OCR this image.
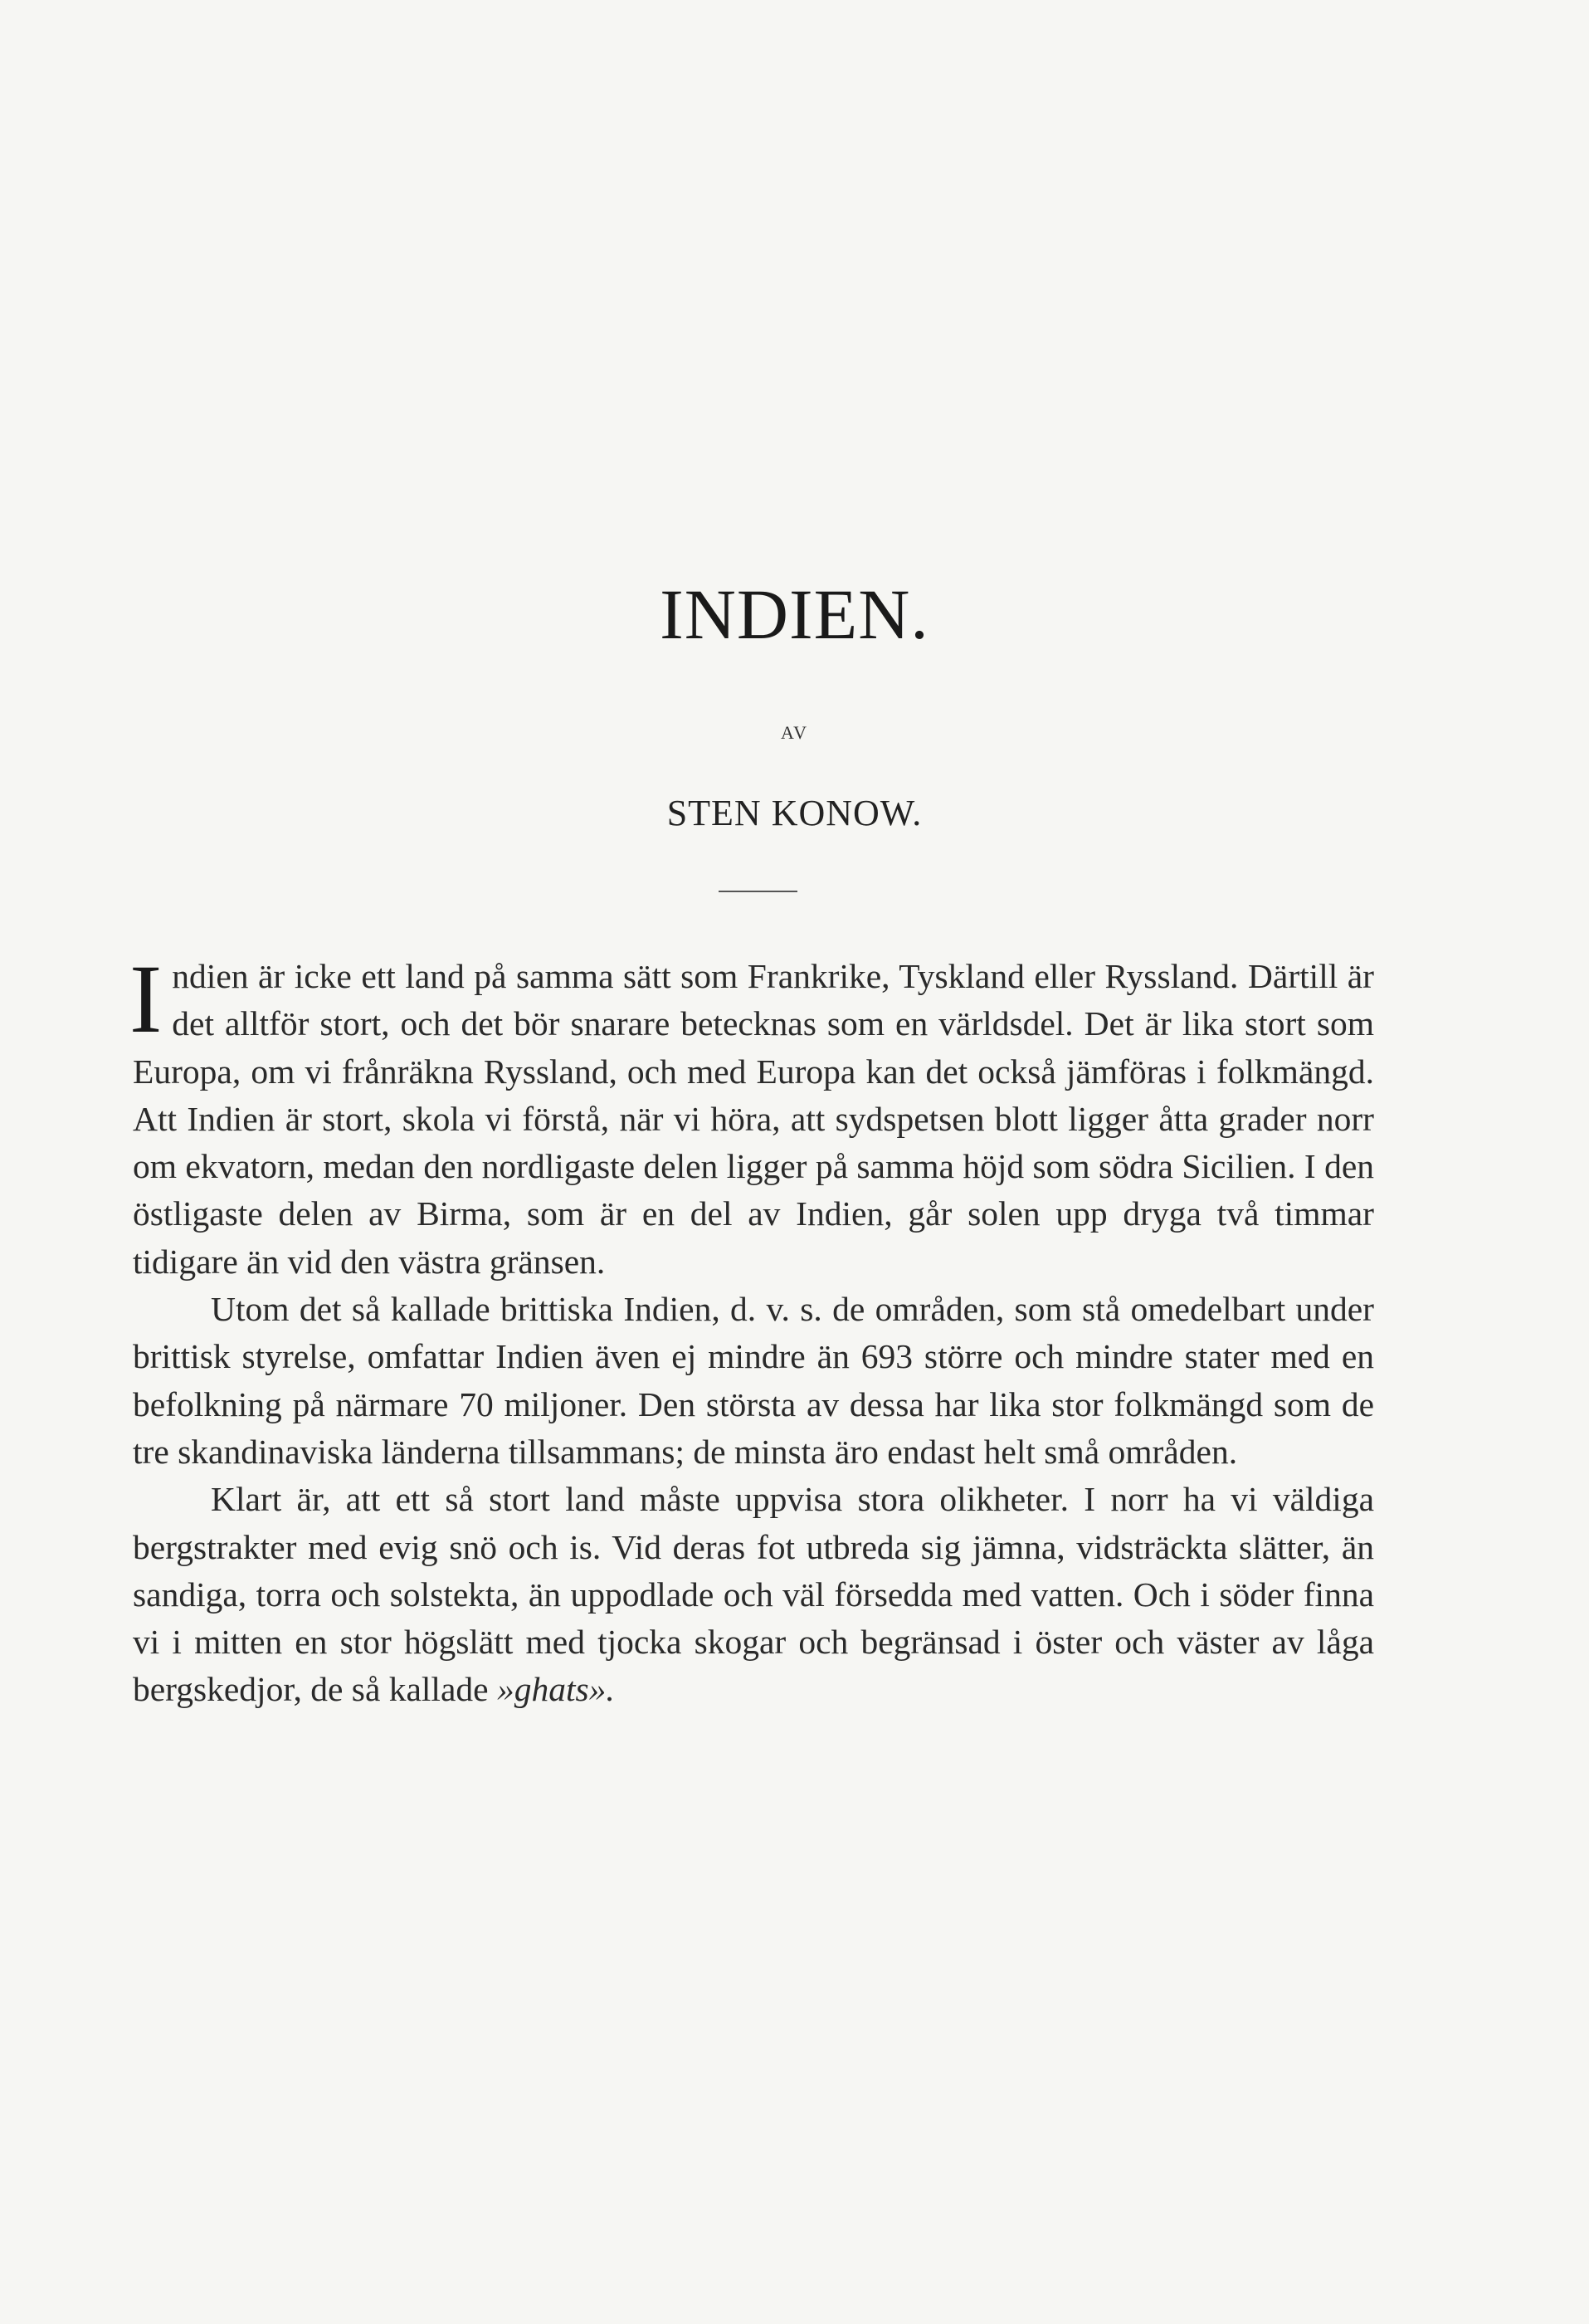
INDIEN.
AV
STEN KONOW.

Indien är icke ett land på samma sätt som Frankrike, Tyskland eller Ryssland. Därtill är det alltför stort, och det bör snarare betecknas som en världsdel. Det är lika stort som Europa, om vi frånräkna Ryssland, och med Europa kan det också jämföras i folkmängd. Att Indien är stort, skola vi förstå, när vi höra, att sydspetsen blott ligger åtta grader norr om ekvatorn, medan den nordligaste delen ligger på samma höjd som södra Sicilien. I den östligaste delen av Birma, som är en del av Indien, går solen upp dryga två timmar tidigare än vid den västra gränsen.

Utom det så kallade brittiska Indien, d. v. s. de områden, som stå omedelbart under brittisk styrelse, omfattar Indien även ej mindre än 693 större och mindre stater med en befolkning på närmare 70 miljoner. Den största av dessa har lika stor folkmängd som de tre skandinaviska länderna tillsammans; de minsta äro endast helt små områden.

Klart är, att ett så stort land måste uppvisa stora olikheter. I norr ha vi väldiga bergstrakter med evig snö och is. Vid deras fot utbreda sig jämna, vidsträckta slätter, än sandiga, torra och solstekta, än uppodlade och väl försedda med vatten. Och i söder finna vi i mitten en stor högslätt med tjocka skogar och begränsad i öster och väster av låga bergskedjor, de så kallade »ghats».
